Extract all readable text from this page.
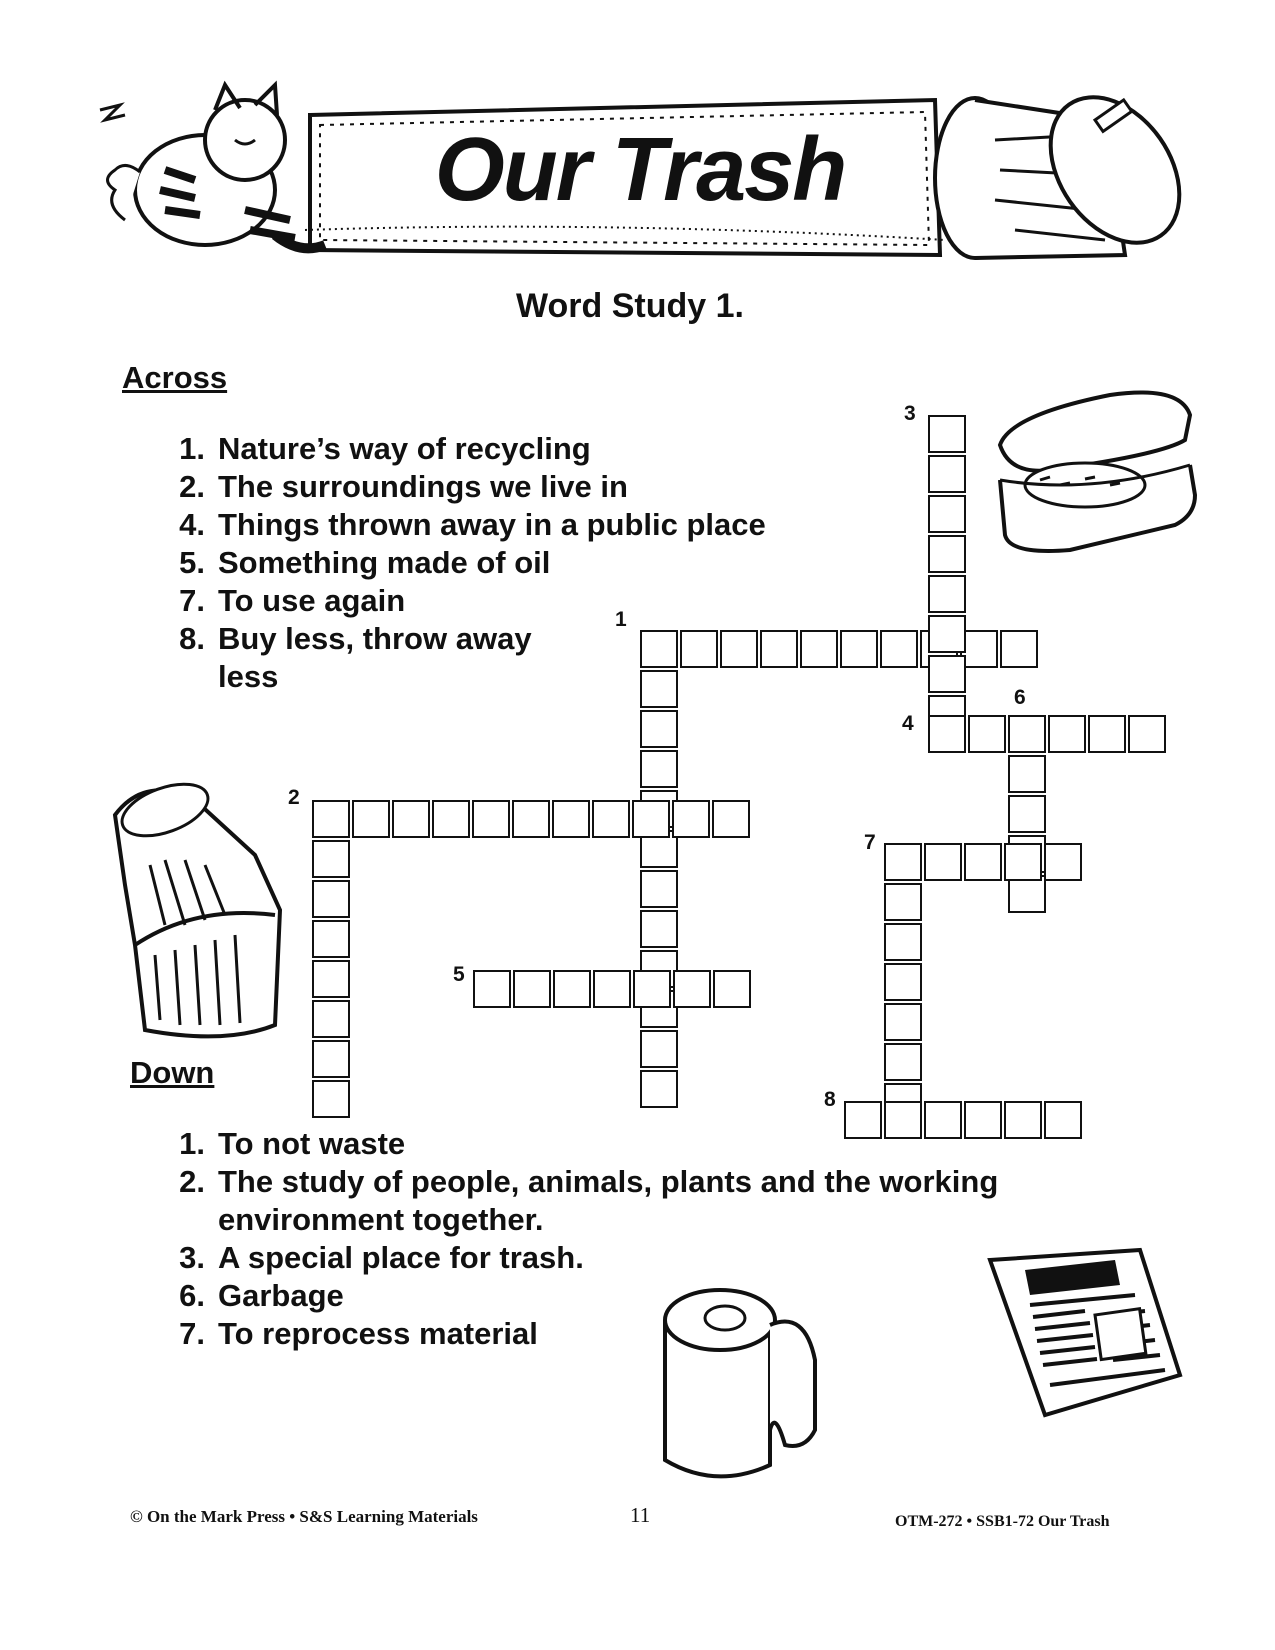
Our Trash
Word Study 1.
Across
1. Nature’s way of recycling
2. The surroundings we live in
4. Things thrown away in a public place
5. Something made of oil
7. To use again
8. Buy less, throw away less
Down
1. To not waste
2. The study of people, animals, plants and the working environment together.
3. A special place for trash.
6. Garbage
7. To reprocess material
1
2
3
4
5
6
7
8
© On the Mark Press • S&S Learning Materials	11	OTM-272 • SSB1-72 Our Trash
